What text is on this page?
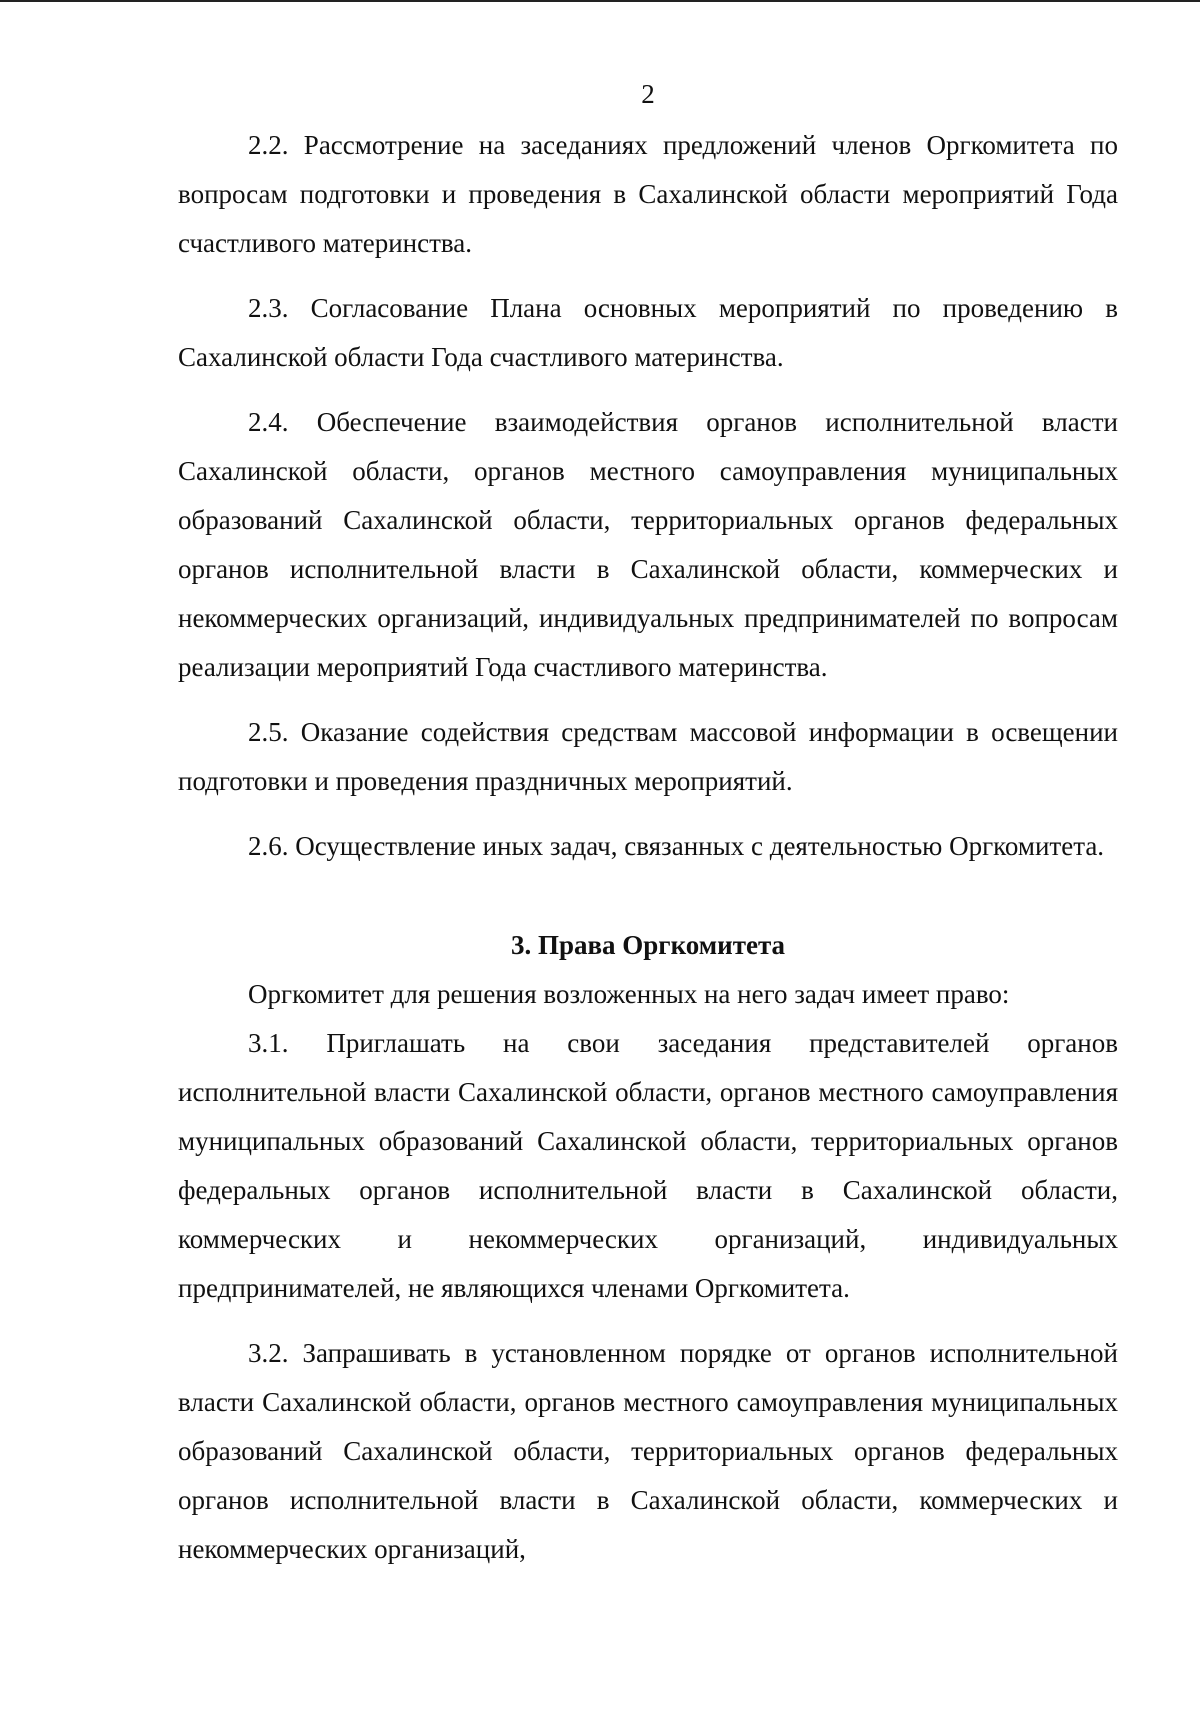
2

2.2. Рассмотрение на заседаниях предложений членов Оргкомитета по вопросам подготовки и проведения в Сахалинской области мероприятий Года счастливого материнства.

2.3. Согласование Плана основных мероприятий по проведению в Сахалинской области Года счастливого материнства.

2.4. Обеспечение взаимодействия органов исполнительной власти Сахалинской области, органов местного самоуправления муниципальных образований Сахалинской области, территориальных органов федеральных органов исполнительной власти в Сахалинской области, коммерческих и некоммерческих организаций, индивидуальных предпринимателей по вопросам реализации мероприятий Года счастливого материнства.

2.5. Оказание содействия средствам массовой информации в освещении подготовки и проведения праздничных мероприятий.

2.6. Осуществление иных задач, связанных с деятельностью Оргкомитета.

3. Права Оргкомитета

Оргкомитет для решения возложенных на него задач имеет право:

3.1. Приглашать на свои заседания представителей органов исполнительной власти Сахалинской области, органов местного самоуправления муниципальных образований Сахалинской области, территориальных органов федеральных органов исполнительной власти в Сахалинской области, коммерческих и некоммерческих организаций, индивидуальных предпринимателей, не являющихся членами Оргкомитета.

3.2. Запрашивать в установленном порядке от органов исполнительной власти Сахалинской области, органов местного самоуправления муниципальных образований Сахалинской области, территориальных органов федеральных органов исполнительной власти в Сахалинской области, коммерческих и некоммерческих организаций,
